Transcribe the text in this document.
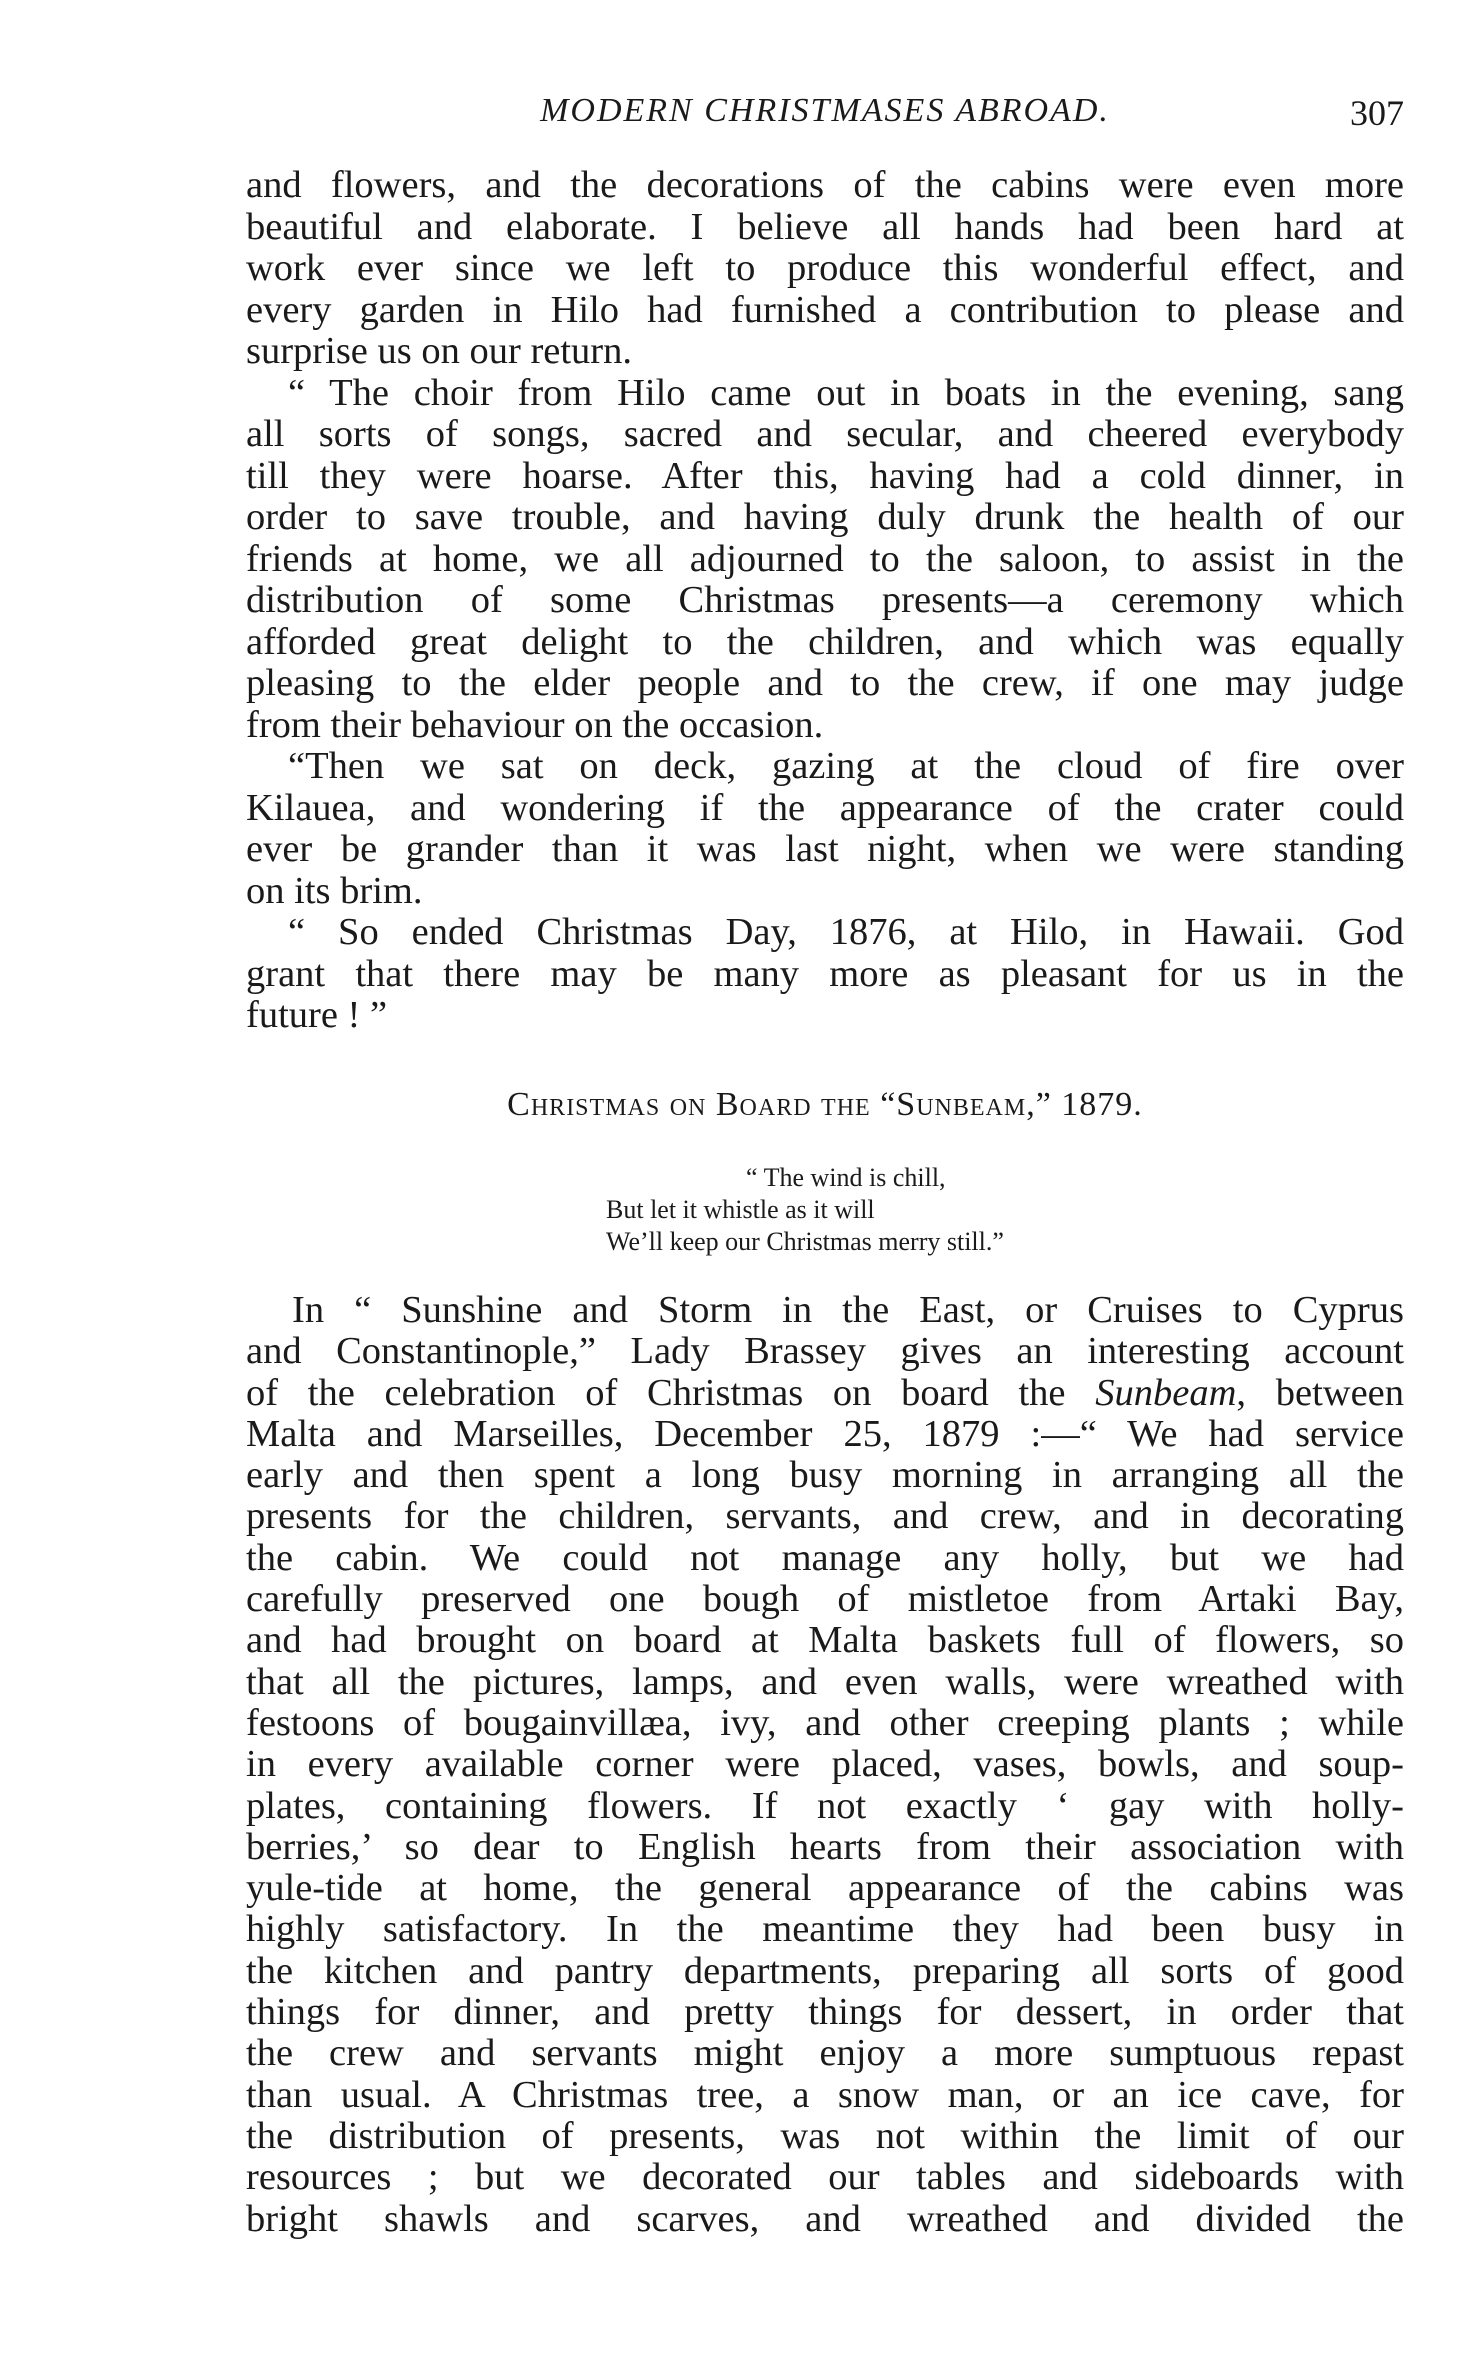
MODERN CHRISTMASES ABROAD.	307
and flowers, and the decorations of the cabins were even more
beautiful and elaborate. I believe all hands had been hard at
work ever since we left to produce this wonderful effect, and
every garden in Hilo had furnished a contribution to please and
surprise us on our return.
“ The choir from Hilo came out in boats in the evening, sang
all sorts of songs, sacred and secular, and cheered everybody
till they were hoarse. After this, having had a cold dinner, in
order to save trouble, and having duly drunk the health of our
friends at home, we all adjourned to the saloon, to assist in the
distribution of some Christmas presents—a ceremony which
afforded great delight to the children, and which was equally
pleasing to the elder people and to the crew, if one may judge
from their behaviour on the occasion.
“Then we sat on deck, gazing at the cloud of fire over
Kilauea, and wondering if the appearance of the crater could
ever be grander than it was last night, when we were standing
on its brim.
“ So ended Christmas Day, 1876, at Hilo, in Hawaii. God
grant that there may be many more as pleasant for us in the
future ! ”
Christmas on Board the “Sunbeam,” 1879.
“ The wind is chill,
But let it whistle as it will
We’ll keep our Christmas merry still.”
In “ Sunshine and Storm in the East, or Cruises to Cyprus
and Constantinople,” Lady Brassey gives an interesting account
of the celebration of Christmas on board the Sunbeam, between
Malta and Marseilles, December 25, 1879 :—“ We had service
early and then spent a long busy morning in arranging all the
presents for the children, servants, and crew, and in decorating
the cabin. We could not manage any holly, but we had
carefully preserved one bough of mistletoe from Artaki Bay,
and had brought on board at Malta baskets full of flowers, so
that all the pictures, lamps, and even walls, were wreathed with
festoons of bougainvillæa, ivy, and other creeping plants ; while
in every available corner were placed, vases, bowls, and soup-
plates, containing flowers. If not exactly ‘ gay with holly-
berries,’ so dear to English hearts from their association with
yule-tide at home, the general appearance of the cabins was
highly satisfactory. In the meantime they had been busy in
the kitchen and pantry departments, preparing all sorts of good
things for dinner, and pretty things for dessert, in order that
the crew and servants might enjoy a more sumptuous repast
than usual. A Christmas tree, a snow man, or an ice cave, for
the distribution of presents, was not within the limit of our
resources ; but we decorated our tables and sideboards with
bright shawls and scarves, and wreathed and divided the
